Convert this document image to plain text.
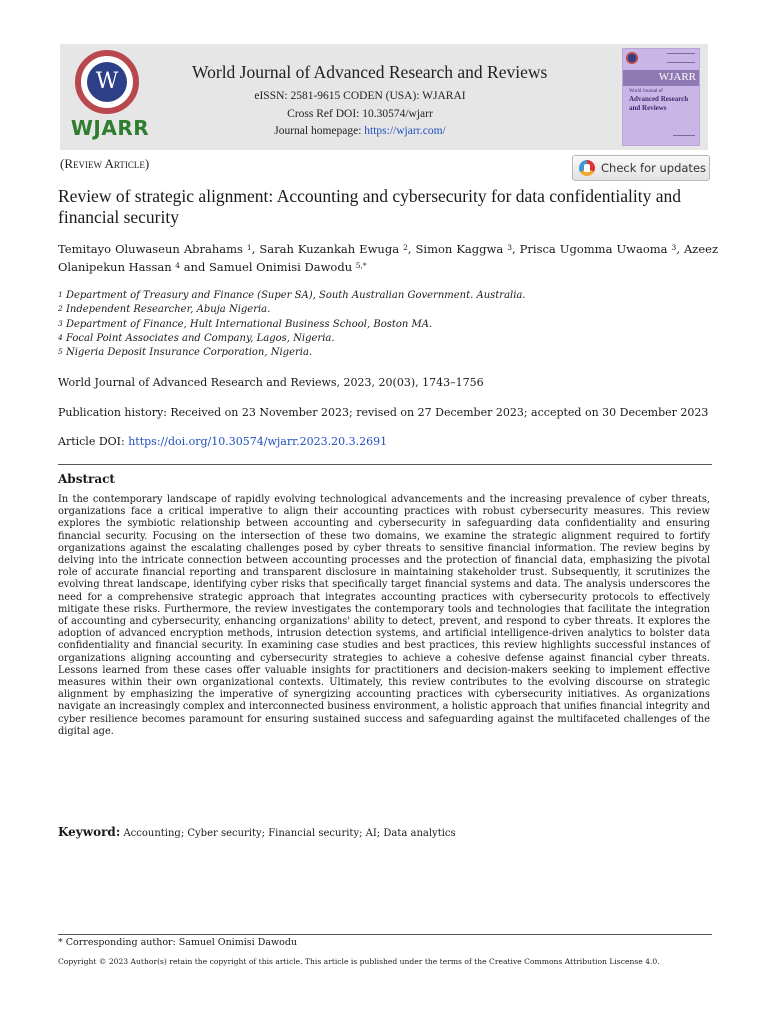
W
WJARR
World Journal of Advanced Research and Reviews
eISSN: 2581-9615 CODEN (USA): WJARAI
Cross Ref DOI: 10.30574/wjarr
Journal homepage: https://wjarr.com/
WJARR
World Journal of
Advanced Research and Reviews
(Review Article)	Check for updates
Review of strategic alignment: Accounting and cybersecurity for data confidentiality and financial security
Temitayo Oluwaseun Abrahams $^1$, Sarah Kuzankah Ewuga $^2$, Simon Kaggwa $^3$, Prisca Ugomma Uwaoma $^3$, Azeez Olanipekun Hassan $^4$ and Samuel Onimisi Dawodu $^{5,*}$
$^1$ Department of Treasury and Finance (Super SA), South Australian Government. Australia.
$^2$ Independent Researcher, Abuja Nigeria.
$^3$ Department of Finance, Hult International Business School, Boston MA.
$^4$ Focal Point Associates and Company, Lagos, Nigeria.
$^5$ Nigeria Deposit Insurance Corporation, Nigeria.
World Journal of Advanced Research and Reviews, 2023, 20(03), 1743–1756
Publication history: Received on 23 November 2023; revised on 27 December 2023; accepted on 30 December 2023
Article DOI: https://doi.org/10.30574/wjarr.2023.20.3.2691
Abstract
In the contemporary landscape of rapidly evolving technological advancements and the increasing prevalence of cyber threats, organizations face a critical imperative to align their accounting practices with robust cybersecurity measures. This review explores the symbiotic relationship between accounting and cybersecurity in safeguarding data confidentiality and ensuring financial security. Focusing on the intersection of these two domains, we examine the strategic alignment required to fortify organizations against the escalating challenges posed by cyber threats to sensitive financial information. The review begins by delving into the intricate connection between accounting processes and the protection of financial data, emphasizing the pivotal role of accurate financial reporting and transparent disclosure in maintaining stakeholder trust. Subsequently, it scrutinizes the evolving threat landscape, identifying cyber risks that specifically target financial systems and data. The analysis underscores the need for a comprehensive strategic approach that integrates accounting practices with cybersecurity protocols to effectively mitigate these risks. Furthermore, the review investigates the contemporary tools and technologies that facilitate the integration of accounting and cybersecurity, enhancing organizations' ability to detect, prevent, and respond to cyber threats. It explores the adoption of advanced encryption methods, intrusion detection systems, and artificial intelligence-driven analytics to bolster data confidentiality and financial security. In examining case studies and best practices, this review highlights successful instances of organizations aligning accounting and cybersecurity strategies to achieve a cohesive defense against financial cyber threats. Lessons learned from these cases offer valuable insights for practitioners and decision-makers seeking to implement effective measures within their own organizational contexts. Ultimately, this review contributes to the evolving discourse on strategic alignment by emphasizing the imperative of synergizing accounting practices with cybersecurity initiatives. As organizations navigate an increasingly complex and interconnected business environment, a holistic approach that unifies financial integrity and cyber resilience becomes paramount for ensuring sustained success and safeguarding against the multifaceted challenges of the digital age.
Keyword: Accounting; Cyber security; Financial security; AI; Data analytics
* Corresponding author: Samuel Onimisi Dawodu
Copyright © 2023 Author(s) retain the copyright of this article. This article is published under the terms of the Creative Commons Attribution Liscense 4.0.
